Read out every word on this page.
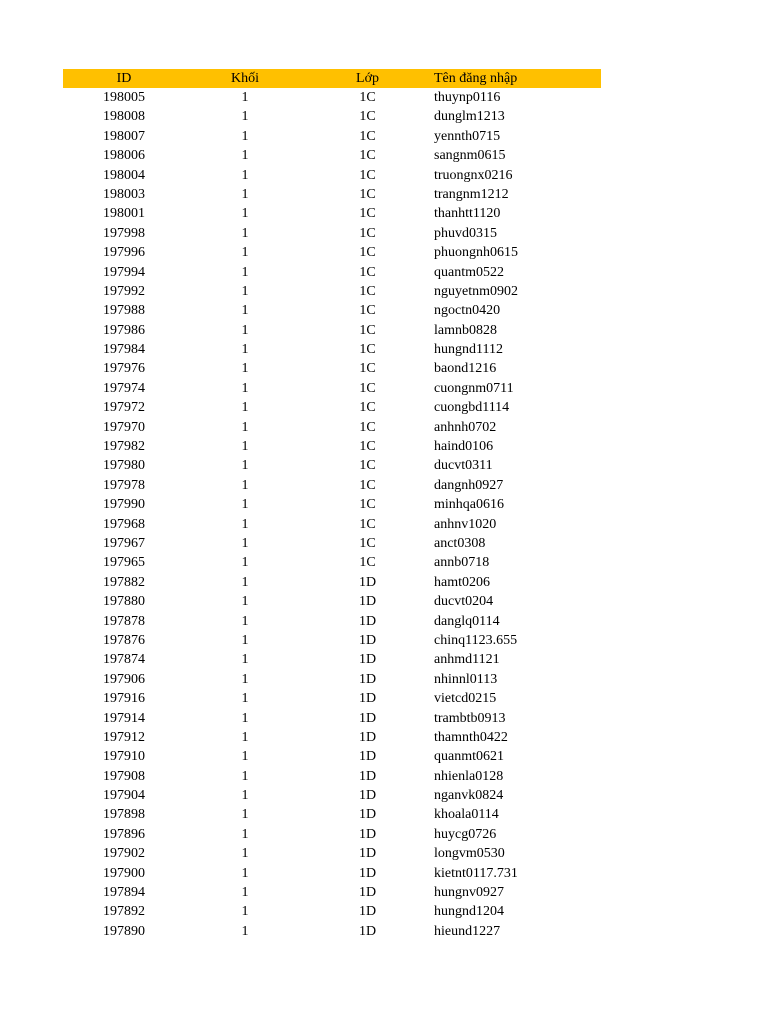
ID	Khối	Lớp	Tên đăng nhập
198005	1	1C	thuynp0116
198008	1	1C	dunglm1213
198007	1	1C	yennth0715
198006	1	1C	sangnm0615
198004	1	1C	truongnx0216
198003	1	1C	trangnm1212
198001	1	1C	thanhtt1120
197998	1	1C	phuvd0315
197996	1	1C	phuongnh0615
197994	1	1C	quantm0522
197992	1	1C	nguyetnm0902
197988	1	1C	ngoctn0420
197986	1	1C	lamnb0828
197984	1	1C	hungnd1112
197976	1	1C	baond1216
197974	1	1C	cuongnm0711
197972	1	1C	cuongbd1114
197970	1	1C	anhnh0702
197982	1	1C	haind0106
197980	1	1C	ducvt0311
197978	1	1C	dangnh0927
197990	1	1C	minhqa0616
197968	1	1C	anhnv1020
197967	1	1C	anct0308
197965	1	1C	annb0718
197882	1	1D	hamt0206
197880	1	1D	ducvt0204
197878	1	1D	danglq0114
197876	1	1D	chinq1123.655
197874	1	1D	anhmd1121
197906	1	1D	nhinnl0113
197916	1	1D	vietcd0215
197914	1	1D	trambtb0913
197912	1	1D	thamnth0422
197910	1	1D	quanmt0621
197908	1	1D	nhienla0128
197904	1	1D	nganvk0824
197898	1	1D	khoala0114
197896	1	1D	huycg0726
197902	1	1D	longvm0530
197900	1	1D	kietnt0117.731
197894	1	1D	hungnv0927
197892	1	1D	hungnd1204
197890	1	1D	hieund1227
